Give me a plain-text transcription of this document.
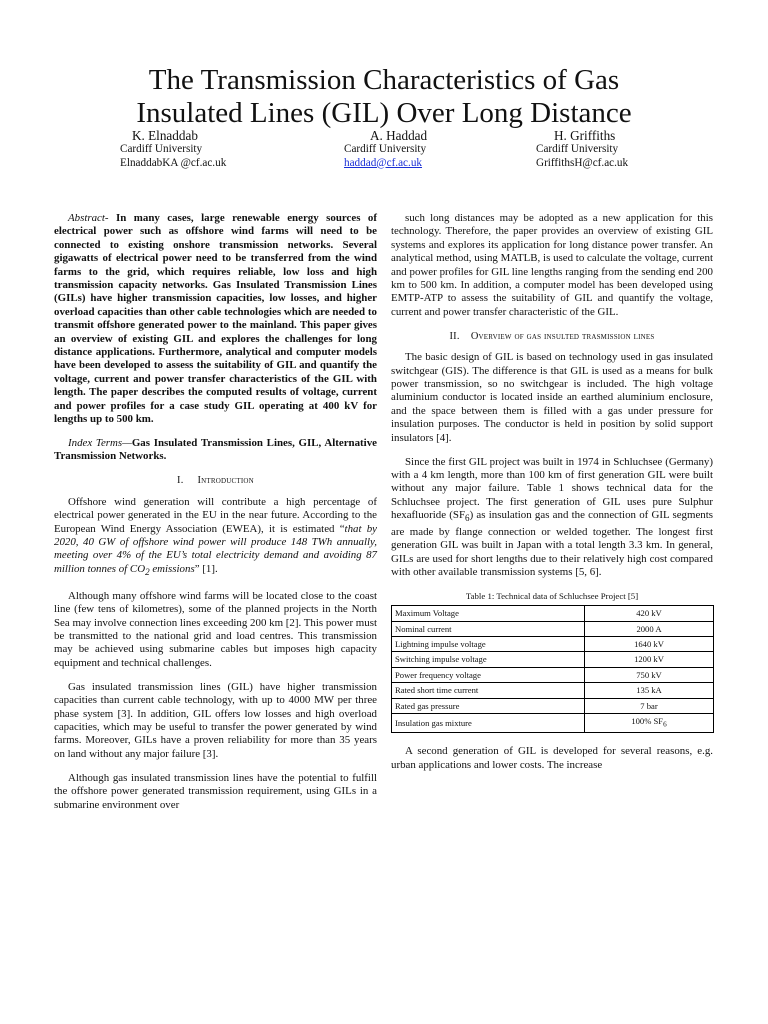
The Transmission Characteristics of Gas
Insulated Lines (GIL) Over Long Distance
K. Elnaddab
Cardiff University
ElnaddabKA @cf.ac.uk
A. Haddad
Cardiff University
haddad@cf.ac.uk
H. Griffiths
Cardiff University
GriffithsH@cf.ac.uk

Abstract- In many cases, large renewable energy sources of electrical power such as offshore wind farms will need to be connected to existing onshore transmission networks. Several gigawatts of electrical power need to be transferred from the wind farms to the grid, which requires reliable, low loss and high transmission capacity networks. Gas Insulated Transmission Lines (GILs) have higher transmission capacities, low losses, and higher overload capacities than other cable technologies which are needed to transmit offshore generated power to the mainland. This paper gives an overview of existing GIL and explores the challenges for long distance applications. Furthermore, analytical and computer models have been developed to assess the suitability of GIL and quantify the voltage, current and power transfer characteristics of the GIL with length. The paper describes the computed results of voltage, current and power profiles for a case study GIL operating at 400 kV for lengths up to 500 km.

Index Terms—Gas Insulated Transmission Lines, GIL, Alternative Transmission Networks.

I. Introduction

Offshore wind generation will contribute a high percentage of electrical power generated in the EU in the near future. According to the European Wind Energy Association (EWEA), it is estimated “that by 2020, 40 GW of offshore wind power will produce 148 TWh annually, meeting over 4% of the EU’s total electricity demand and avoiding 87 million tonnes of $CO_2$ emissions” [1].

Although many offshore wind farms will be located close to the coast line (few tens of kilometres), some of the planned projects in the North Sea may involve connection lines exceeding 200 km [2]. This power must be transmitted to the national grid and load centres. This transmission may be achieved using submarine cables but imposes high capacity equipment and technical challenges.

Gas insulated transmission lines (GIL) have higher transmission capacities than current cable technology, with up to 4000 MW per three phase system [3]. In addition, GIL offers low losses and high overload capacities, which may be useful to transfer the power generated by wind farms. Moreover, GILs have a proven reliability for more than 35 years on land without any major failure [3].

Although gas insulated transmission lines have the potential to fulfill the offshore power generated transmission requirement, using GILs in a submarine environment over

such long distances may be adopted as a new application for this technology. Therefore, the paper provides an overview of existing GIL systems and explores its application for long distance power transfer. An analytical method, using MATLB, is used to calculate the voltage, current and power profiles for GIL line lengths ranging from the sending end 200 km to 500 km. In addition, a computer model has been developed using EMTP-ATP to assess the suitability of GIL and quantify the voltage, current and power transfer characteristic of the GIL.

II. Overview of gas insulted trasmission lines

The basic design of GIL is based on technology used in gas insulated switchgear (GIS). The difference is that GIL is used as a means for bulk power transmission, so no switchgear is included. The high voltage aluminium conductor is located inside an earthed aluminium enclosure, and the space between them is filled with a gas under pressure for insulation purposes. The conductor is held in position by solid support insulators [4].

Since the first GIL project was built in 1974 in Schluchsee (Germany) with a 4 km length, more than 100 km of first generation GIL were built without any major failure. Table 1 shows technical data for the Schluchsee project. The first generation of GIL uses pure Sulphur hexafluoride $(SF_6)$ as insulation gas and the connection of GIL segments are made by flange connection or welded together. The longest first generation GIL was built in Japan with a total length 3.3 km. In general, GILs are used for short lengths due to their relatively high cost compared with other available transmission systems [5, 6].

Table 1: Technical data of Schluchsee Project [5]
Maximum Voltage	420 kV
Nominal current	2000 A
Lightning impulse voltage	1640 kV
Switching impulse voltage	1200 kV
Power frequency voltage	750 kV
Rated short time current	135 kA
Rated gas pressure	7 bar
Insulation gas mixture	100% $SF_6$

A second generation of GIL is developed for several reasons, e.g. urban applications and lower costs. The increase
